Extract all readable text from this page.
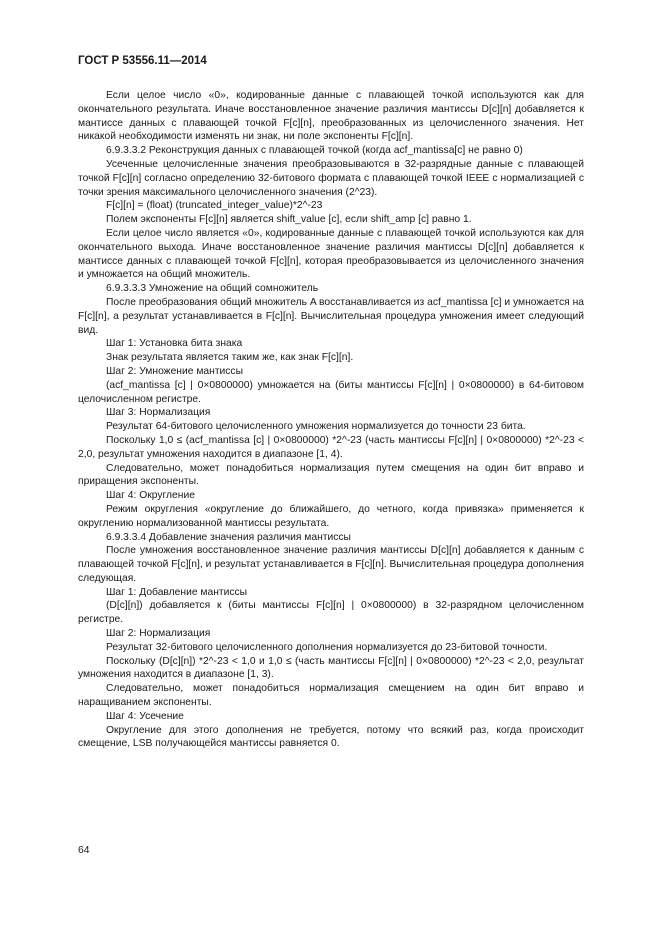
ГОСТ Р 53556.11—2014

Если целое число «0», кодированные данные с плавающей точкой используются как для окончательного результата. Иначе восстановленное значение различия мантиссы D[c][n] добавляется к мантиссе данных с плавающей точкой F[c][n], преобразованных из целочисленного значения. Нет никакой необходимости изменять ни знак, ни поле экспоненты F[c][n].

6.9.3.3.2 Реконструкция данных с плавающей точкой (когда acf_mantissa[c] не равно 0)

Усеченные целочисленные значения преобразовываются в 32-разрядные данные с плавающей точкой F[c][n] согласно определению 32-битового формата с плавающей точкой IEEE с нормализацией с точки зрения максимального целочисленного значения (2^23).

F[c][n] = (float) (truncated_integer_value)*2^-23

Полем экспоненты F[c][n] является shift_value [c], если shift_amp [c] равно 1.

Если целое число является «0», кодированные данные с плавающей точкой используются как для окончательного выхода. Иначе восстановленное значение различия мантиссы D[c][n] добавляется к мантиссе данных с плавающей точкой F[c][n], которая преобразовывается из целочисленного значения и умножается на общий множитель.

6.9.3.3.3 Умножение на общий сомножитель

После преобразования общий множитель A восстанавливается из acf_mantissa [c] и умножается на F[c][n], а результат устанавливается в F[c][n]. Вычислительная процедура умножения имеет следующий вид.

Шаг 1: Установка бита знака

Знак результата является таким же, как знак F[c][n].

Шаг 2: Умножение мантиссы

(acf_mantissa [c] | 0×0800000) умножается на (биты мантиссы F[c][n] | 0×0800000) в 64-битовом целочисленном регистре.

Шаг 3: Нормализация

Результат 64-битового целочисленного умножения нормализуется до точности 23 бита.

Поскольку 1,0 ≤ (acf_mantissa [c] | 0×0800000) *2^-23 (часть мантиссы F[c][n] | 0×0800000) *2^-23 < 2,0, результат умножения находится в диапазоне [1, 4).

Следовательно, может понадобиться нормализация путем смещения на один бит вправо и приращения экспоненты.

Шаг 4: Округление

Режим округления «округление до ближайшего, до четного, когда привязка» применяется к округлению нормализованной мантиссы результата.

6.9.3.3.4 Добавление значения различия мантиссы

После умножения восстановленное значение различия мантиссы D[c][n] добавляется к данным с плавающей точкой F[c][n], и результат устанавливается в F[c][n]. Вычислительная процедура дополнения следующая.

Шаг 1: Добавление мантиссы

(D[c][n]) добавляется к (биты мантиссы F[c][n] | 0×0800000) в 32-разрядном целочисленном регистре.

Шаг 2: Нормализация

Результат 32-битового целочисленного дополнения нормализуется до 23-битовой точности.

Поскольку (D[c][n]) *2^-23 < 1,0 и 1,0 ≤ (часть мантиссы F[c][n] | 0×0800000) *2^-23 < 2,0, результат умножения находится в диапазоне [1, 3).

Следовательно, может понадобиться нормализация смещением на один бит вправо и наращиванием экспоненты.

Шаг 4: Усечение

Округление для этого дополнения не требуется, потому что всякий раз, когда происходит смещение, LSB получающейся мантиссы равняется 0.

64
